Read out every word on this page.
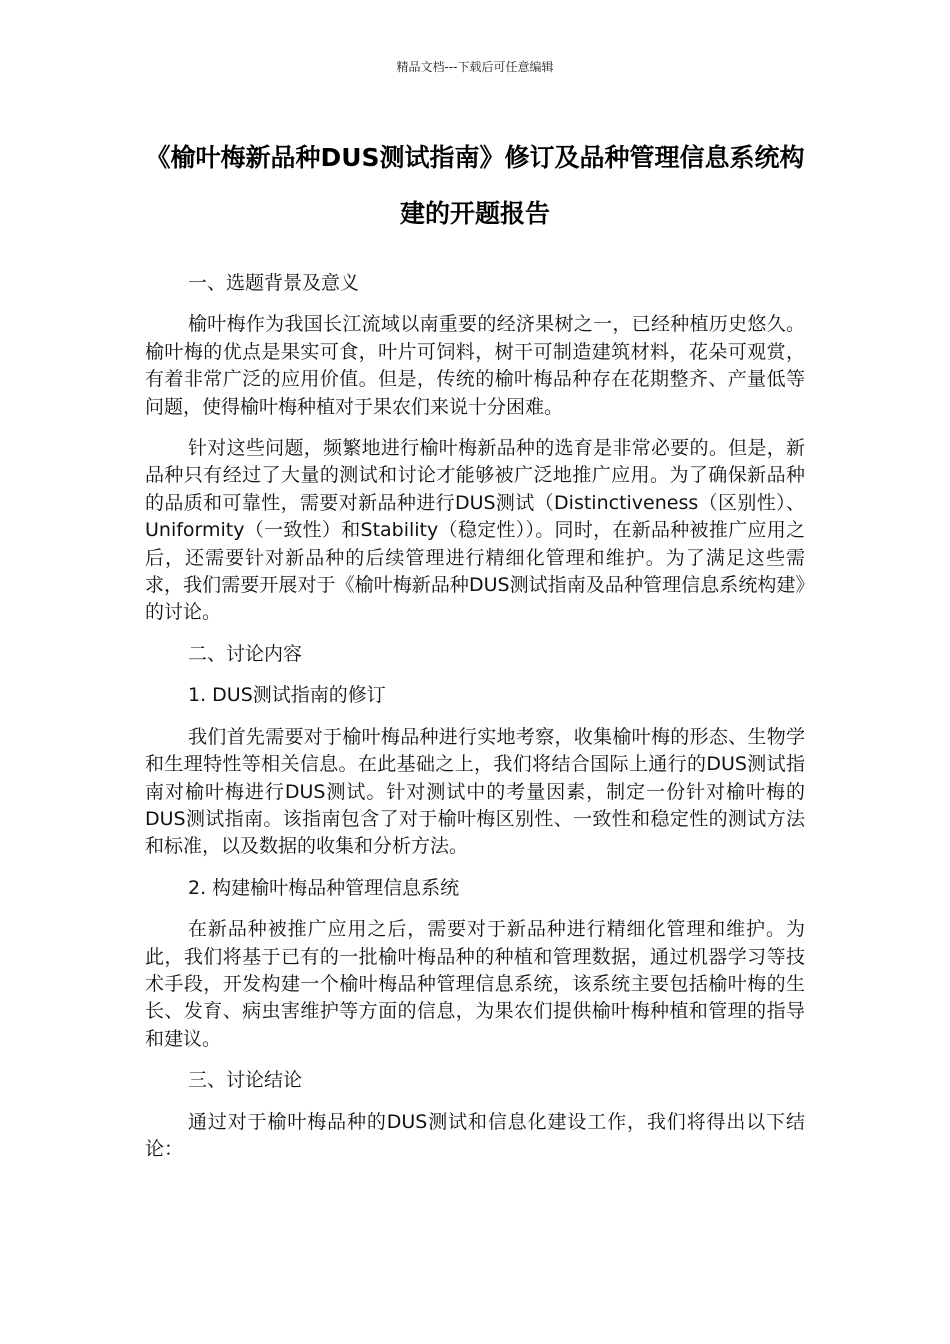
精品文档---下载后可任意编辑
《榆叶梅新品种DUS测试指南》修订及品种管理信息系统构建的开题报告

一、选题背景及意义

榆叶梅作为我国长江流域以南重要的经济果树之一，已经种植历史悠久。榆叶梅的优点是果实可食，叶片可饲料，树干可制造建筑材料，花朵可观赏，有着非常广泛的应用价值。但是，传统的榆叶梅品种存在花期整齐、产量低等问题，使得榆叶梅种植对于果农们来说十分困难。

针对这些问题，频繁地进行榆叶梅新品种的选育是非常必要的。但是，新品种只有经过了大量的测试和讨论才能够被广泛地推广应用。为了确保新品种的品质和可靠性，需要对新品种进行DUS测试（Distinctiveness（区别性）、Uniformity（一致性）和Stability（稳定性））。同时，在新品种被推广应用之后，还需要针对新品种的后续管理进行精细化管理和维护。为了满足这些需求，我们需要开展对于《榆叶梅新品种DUS测试指南及品种管理信息系统构建》的讨论。

二、讨论内容

1. DUS测试指南的修订

我们首先需要对于榆叶梅品种进行实地考察，收集榆叶梅的形态、生物学和生理特性等相关信息。在此基础之上，我们将结合国际上通行的DUS测试指南对榆叶梅进行DUS测试。针对测试中的考量因素，制定一份针对榆叶梅的DUS测试指南。该指南包含了对于榆叶梅区别性、一致性和稳定性的测试方法和标准，以及数据的收集和分析方法。

2. 构建榆叶梅品种管理信息系统

在新品种被推广应用之后，需要对于新品种进行精细化管理和维护。为此，我们将基于已有的一批榆叶梅品种的种植和管理数据，通过机器学习等技术手段，开发构建一个榆叶梅品种管理信息系统，该系统主要包括榆叶梅的生长、发育、病虫害维护等方面的信息，为果农们提供榆叶梅种植和管理的指导和建议。

三、讨论结论

通过对于榆叶梅品种的DUS测试和信息化建设工作，我们将得出以下结论：
